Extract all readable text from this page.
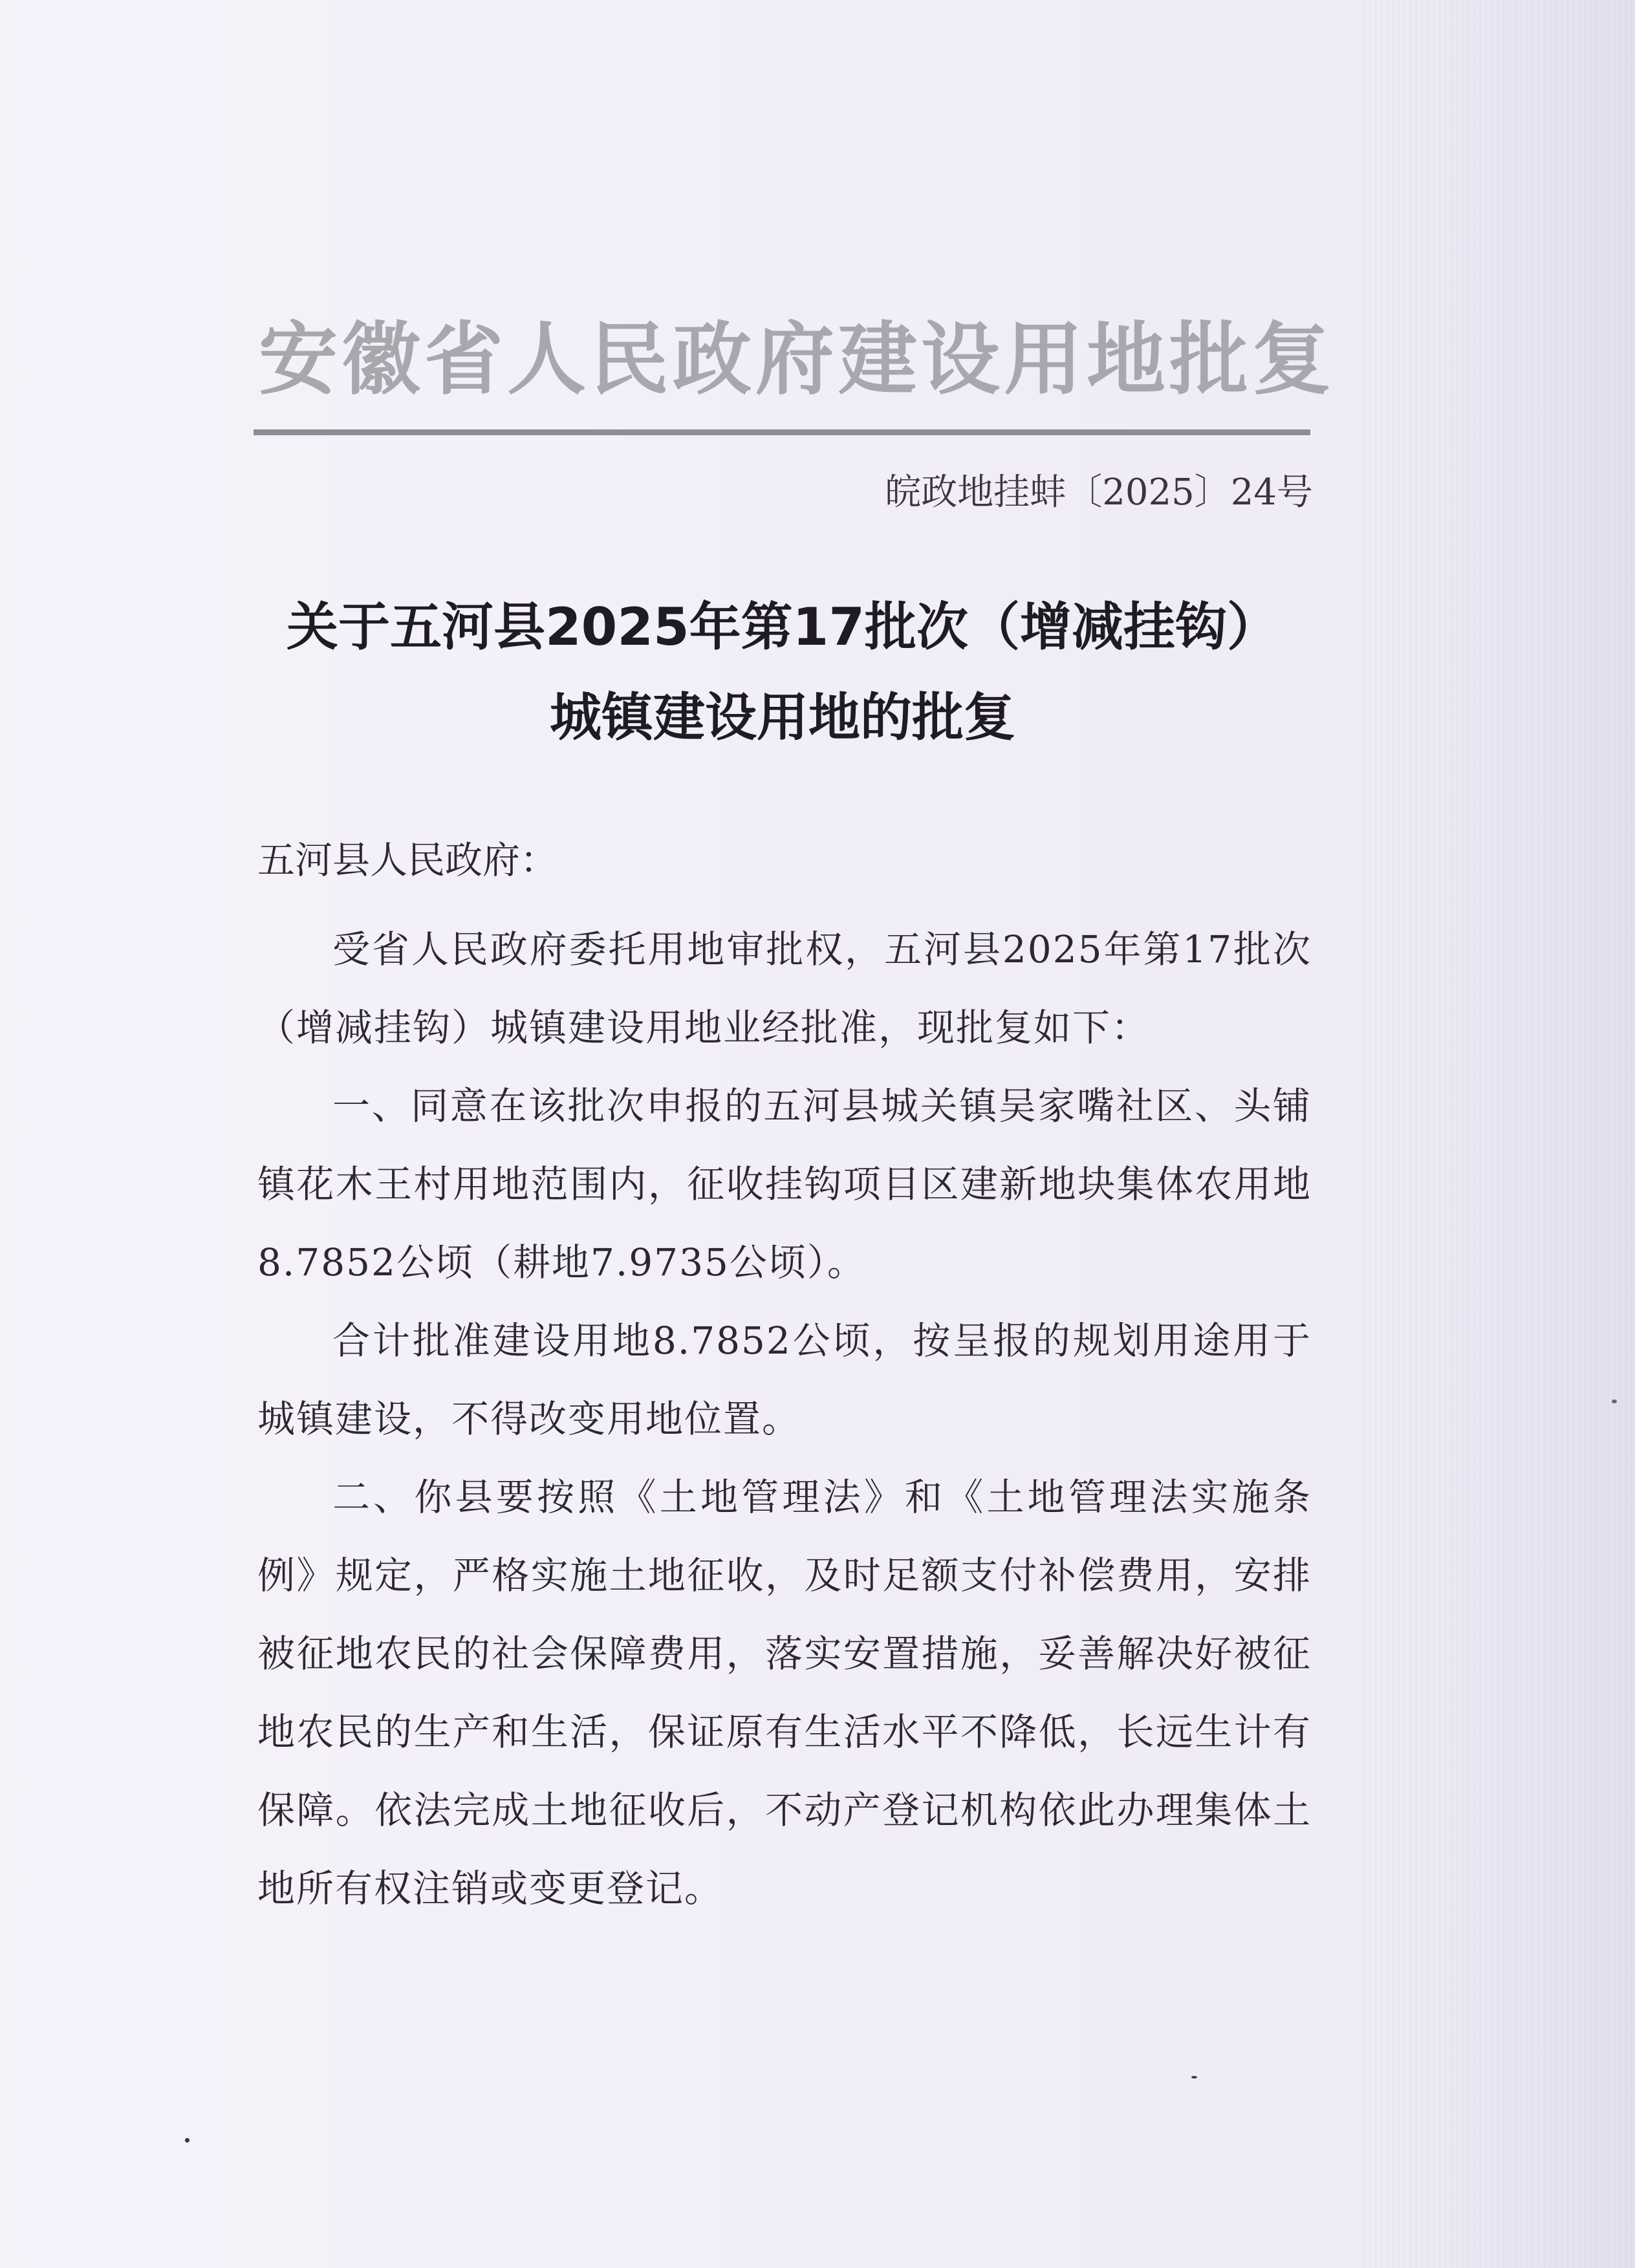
安徽省人民政府建设用地批复
皖政地挂蚌〔2025〕24号
关于五河县2025年第17批次（增减挂钩）
城镇建设用地的批复
五河县人民政府：

受省人民政府委托用地审批权，五河县2025年第17批次（增减挂钩）城镇建设用地业经批准，现批复如下：

一、同意在该批次申报的五河县城关镇吴家嘴社区、头铺镇花木王村用地范围内，征收挂钩项目区建新地块集体农用地8.7852公顷（耕地7.9735公顷）。

合计批准建设用地8.7852公顷，按呈报的规划用途用于城镇建设，不得改变用地位置。

二、你县要按照《土地管理法》和《土地管理法实施条例》规定，严格实施土地征收，及时足额支付补偿费用，安排被征地农民的社会保障费用，落实安置措施，妥善解决好被征地农民的生产和生活，保证原有生活水平不降低，长远生计有保障。依法完成土地征收后，不动产登记机构依此办理集体土地所有权注销或变更登记。
